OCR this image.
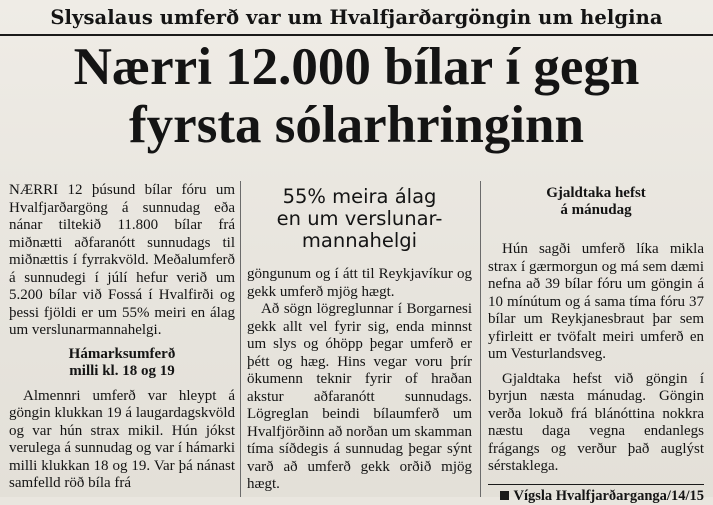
Slysalaus umferð var um Hvalfjarðargöngin um helgina
Nærri 12.000 bílar í gegn
fyrsta sólarhringinn

NÆRRI 12 þúsund bílar fóru um Hvalfjarðargöng á sunnudag eða nánar tiltekið 11.800 bílar frá miðnætti aðfaranótt sunnudags til miðnættis í fyrrakvöld. Meðalumferð á sunnudegi í júlí hefur verið um 5.200 bílar við Fossá í Hvalfirði og þessi fjöldi er um 55% meiri en álag um verslunarmannahelgi.

Hámarksumferð
milli kl. 18 og 19

Almennri umferð var hleypt á göngin klukkan 19 á laugardagskvöld og var hún strax mikil. Hún jókst verulega á sunnudag og var í hámarki milli klukkan 18 og 19. Var þá nánast samfelld röð bíla frá

55% meira álag
en um verslunar-
mannahelgi

göngunum og í átt til Reykjavíkur og gekk umferð mjög hægt.

Að sögn lögreglunnar í Borgarnesi gekk allt vel fyrir sig, enda minnst um slys og óhöpp þegar umferð er þétt og hæg. Hins vegar voru þrír ökumenn teknir fyrir of hraðan akstur aðfaranótt sunnudags. Lögreglan beindi bílaumferð um Hvalfjörðinn að norðan um skamman tíma síðdegis á sunnudag þegar sýnt varð að umferð gekk orðið mjög hægt.

Gjaldtaka hefst
á mánudag

Hún sagði umferð líka mikla strax í gærmorgun og má sem dæmi nefna að 39 bílar fóru um göngin á 10 mínútum og á sama tíma fóru 37 bílar um Reykjanesbraut þar sem yfirleitt er tvöfalt meiri umferð en um Vesturlandsveg.

Gjaldtaka hefst við göngin í byrjun næsta mánudag. Göngin verða lokuð frá blánóttina nokkra næstu daga vegna endanlegs frágangs og verður það auglýst sérstaklega.

Vígsla Hvalfjarðarganga/14/15
